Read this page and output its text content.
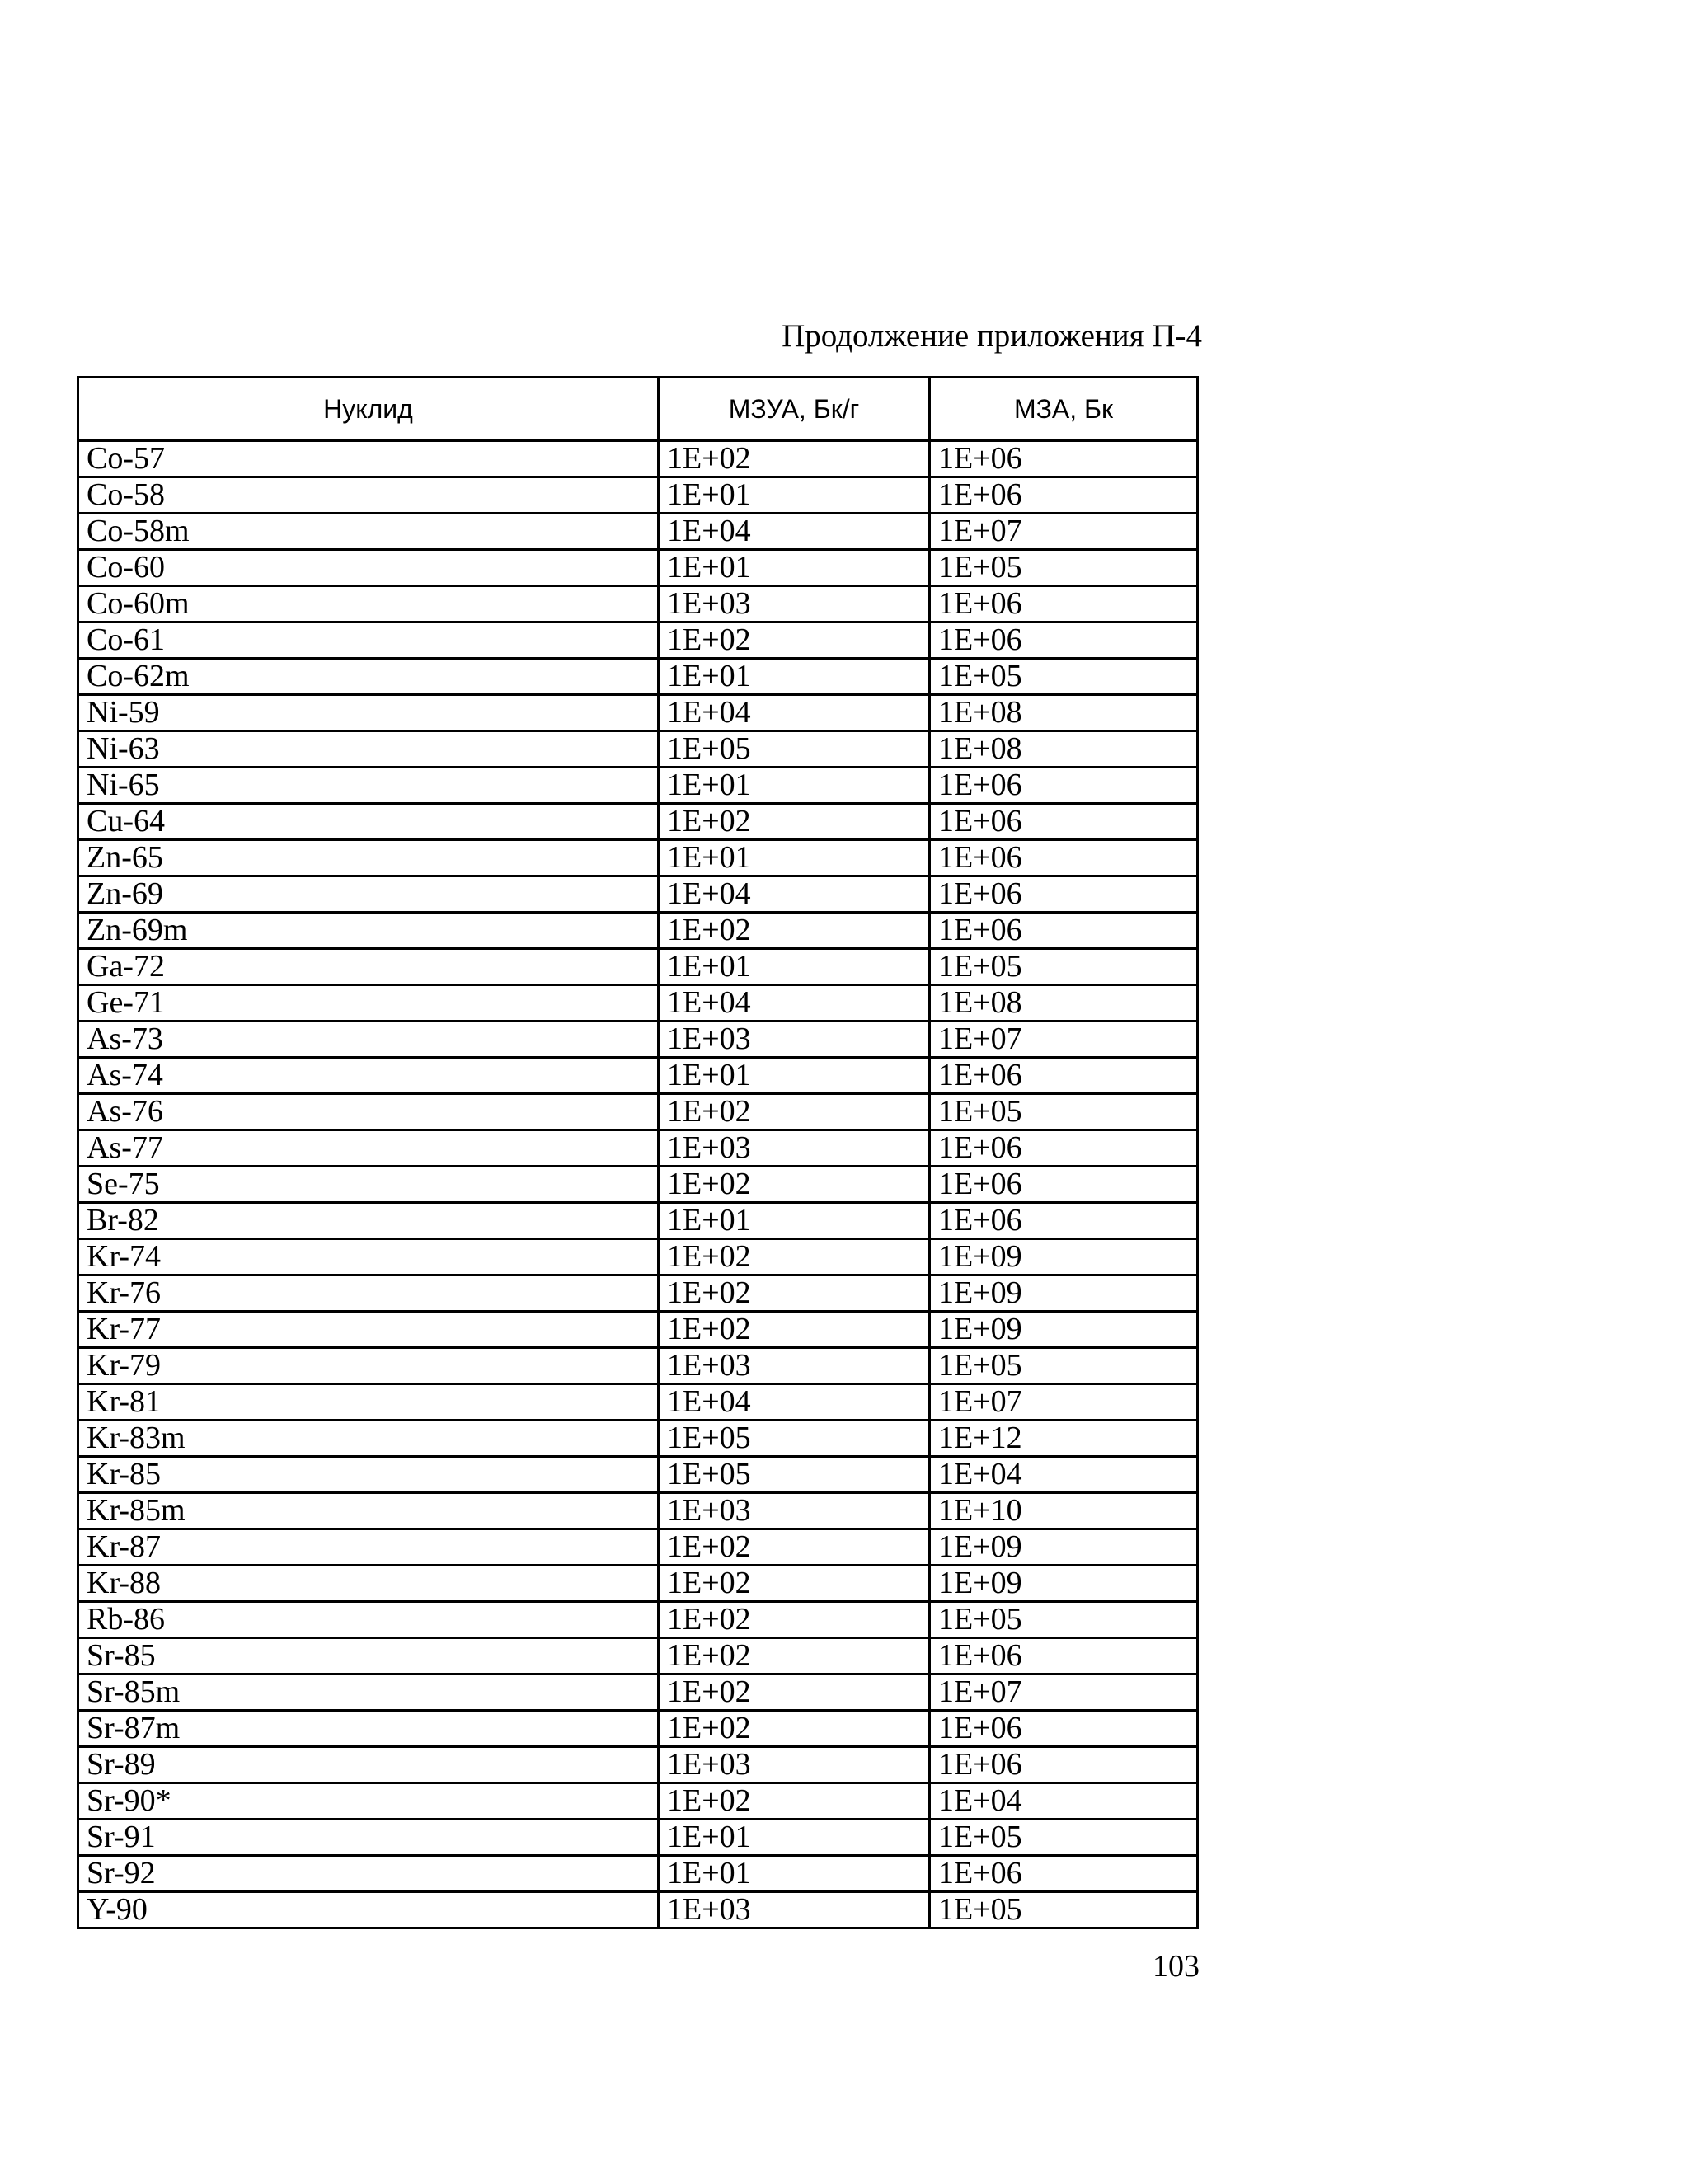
Продолжение приложения П-4
Нуклид	МЗУА, Бк/г	МЗА, Бк
Co-57	1E+02	1E+06
Co-58	1E+01	1E+06
Co-58m	1E+04	1E+07
Co-60	1E+01	1E+05
Co-60m	1E+03	1E+06
Co-61	1E+02	1E+06
Co-62m	1E+01	1E+05
Ni-59	1E+04	1E+08
Ni-63	1E+05	1E+08
Ni-65	1E+01	1E+06
Cu-64	1E+02	1E+06
Zn-65	1E+01	1E+06
Zn-69	1E+04	1E+06
Zn-69m	1E+02	1E+06
Ga-72	1E+01	1E+05
Ge-71	1E+04	1E+08
As-73	1E+03	1E+07
As-74	1E+01	1E+06
As-76	1E+02	1E+05
As-77	1E+03	1E+06
Se-75	1E+02	1E+06
Br-82	1E+01	1E+06
Kr-74	1E+02	1E+09
Kr-76	1E+02	1E+09
Kr-77	1E+02	1E+09
Kr-79	1E+03	1E+05
Kr-81	1E+04	1E+07
Kr-83m	1E+05	1E+12
Kr-85	1E+05	1E+04
Kr-85m	1E+03	1E+10
Kr-87	1E+02	1E+09
Kr-88	1E+02	1E+09
Rb-86	1E+02	1E+05
Sr-85	1E+02	1E+06
Sr-85m	1E+02	1E+07
Sr-87m	1E+02	1E+06
Sr-89	1E+03	1E+06
Sr-90*	1E+02	1E+04
Sr-91	1E+01	1E+05
Sr-92	1E+01	1E+06
Y-90	1E+03	1E+05
103
